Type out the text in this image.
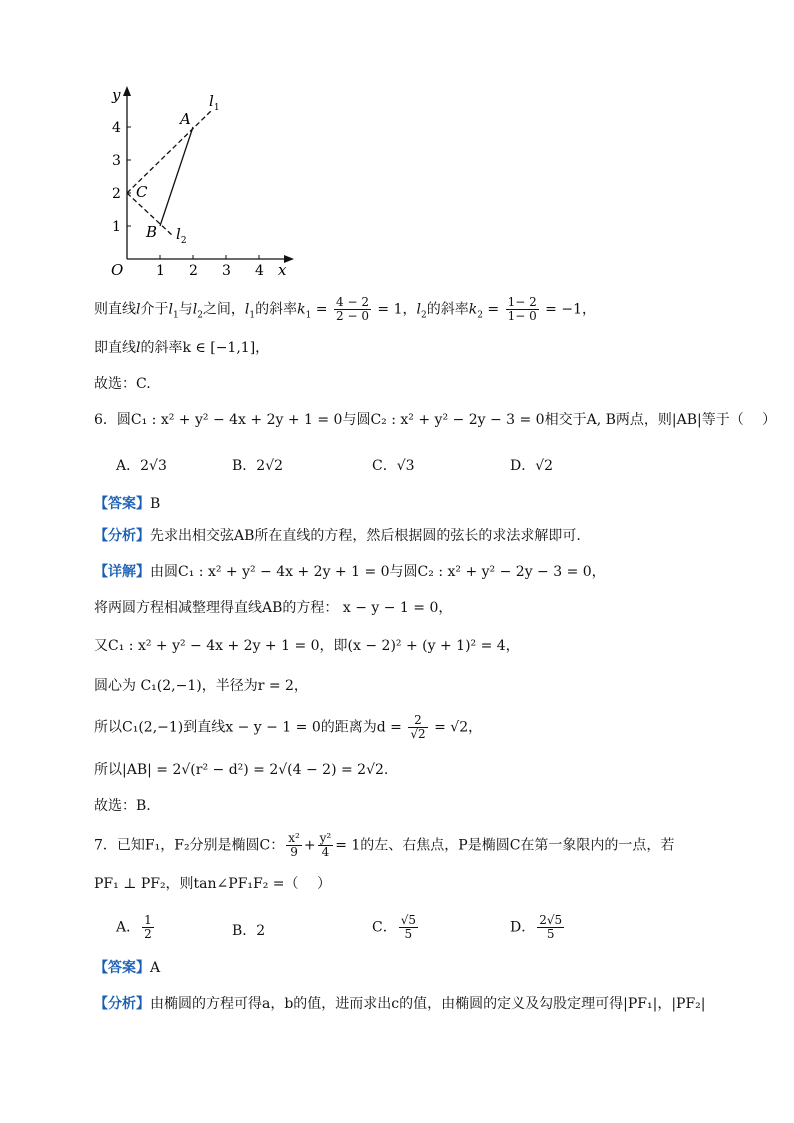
y
x
O 1 2 3 4
1
2
3
4	A
B
C
$l_1$
$l_2$
则直线l介于$l_1$与$l_2$之间，$l_1$的斜率$k_1 = \frac{4 - 2}{2 - 0} = 1$，$l_2$的斜率$k_2 = \frac{1- 2}{1- 0} = -1$，
即直线l的斜率k ∈ [−1,1]，
故选：C.
6．圆C₁ : x² + y² − 4x + 2y + 1 = 0与圆C₂ : x² + y² − 2y − 3 = 0相交于A, B两点，则|AB|等于（　 ）
A．2√3	B．2√2	C．√3	D．√2
【答案】B
【分析】先求出相交弦AB所在直线的方程，然后根据圆的弦长的求法求解即可.
【详解】由圆C₁ : x² + y² − 4x + 2y + 1 = 0与圆C₂ : x² + y² − 2y − 3 = 0，
将两圆方程相减整理得直线AB的方程： x − y − 1 = 0，
又C₁ : x² + y² − 4x + 2y + 1 = 0，即(x − 2)² + (y + 1)² = 4，
圆心为 C₁(2,−1)，半径为r = 2，
所以C₁(2,−1)到直线x − y − 1 = 0的距离为$d = \frac{2}{√2} = √2$，
所以|AB| = 2√(r² − d²) = 2√(4 − 2) = 2√2.
故选：B.
7．已知F₁，F₂分别是椭圆C： $\frac{\text{x²}}{9} + \frac{\text{y²}}{4} = 1$的左、右焦点，P是椭圆C在第一象限内的一点，若
PF₁ ⊥ PF₂，则tan∠PF₁F₂ =（　 ）
A． $\frac{1}{2}$	B．2	C． $\frac{√5}{5}$	D． $\frac{2√5}{5}$
【答案】A
【分析】由椭圆的方程可得a，b的值，进而求出c的值，由椭圆的定义及勾股定理可得|PF₁|，|PF₂|
